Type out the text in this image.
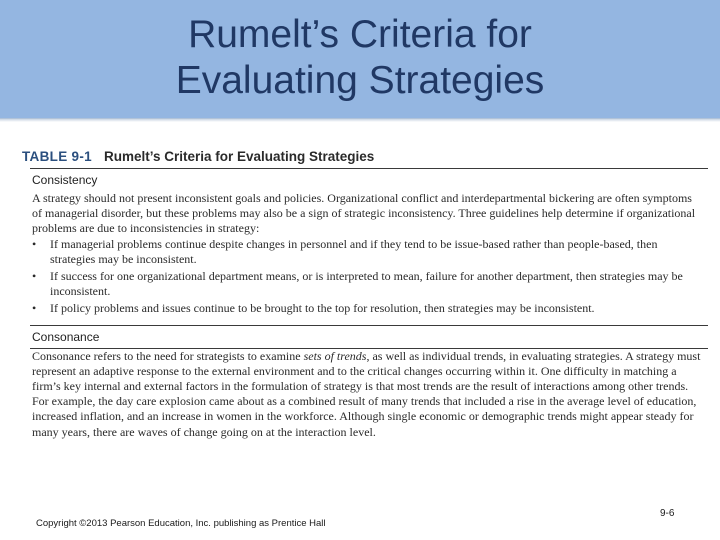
Rumelt’s Criteria for
Evaluating Strategies
TABLE 9-1 Rumelt’s Criteria for Evaluating Strategies
Consistency
A strategy should not present inconsistent goals and policies. Organizational conflict and interdepartmental bickering are often symptoms of managerial disorder, but these problems may also be a sign of strategic inconsistency. Three guidelines help determine if organizational problems are due to inconsistencies in strategy:
• If managerial problems continue despite changes in personnel and if they tend to be issue-based rather than people-based, then strategies may be inconsistent.
• If success for one organizational department means, or is interpreted to mean, failure for another department, then strategies may be inconsistent.
• If policy problems and issues continue to be brought to the top for resolution, then strategies may be inconsistent.
Consonance
Consonance refers to the need for strategists to examine sets of trends, as well as individual trends, in evaluating strategies. A strategy must represent an adaptive response to the external environment and to the critical changes occurring within it. One difficulty in matching a firm’s key internal and external factors in the formulation of strategy is that most trends are the result of interactions among other trends. For example, the day care explosion came about as a combined result of many trends that included a rise in the average level of education, increased inflation, and an increase in women in the workforce. Although single economic or demographic trends might appear steady for many years, there are waves of change going on at the interaction level.
Copyright ©2013 Pearson Education, Inc. publishing as Prentice Hall
9-6
